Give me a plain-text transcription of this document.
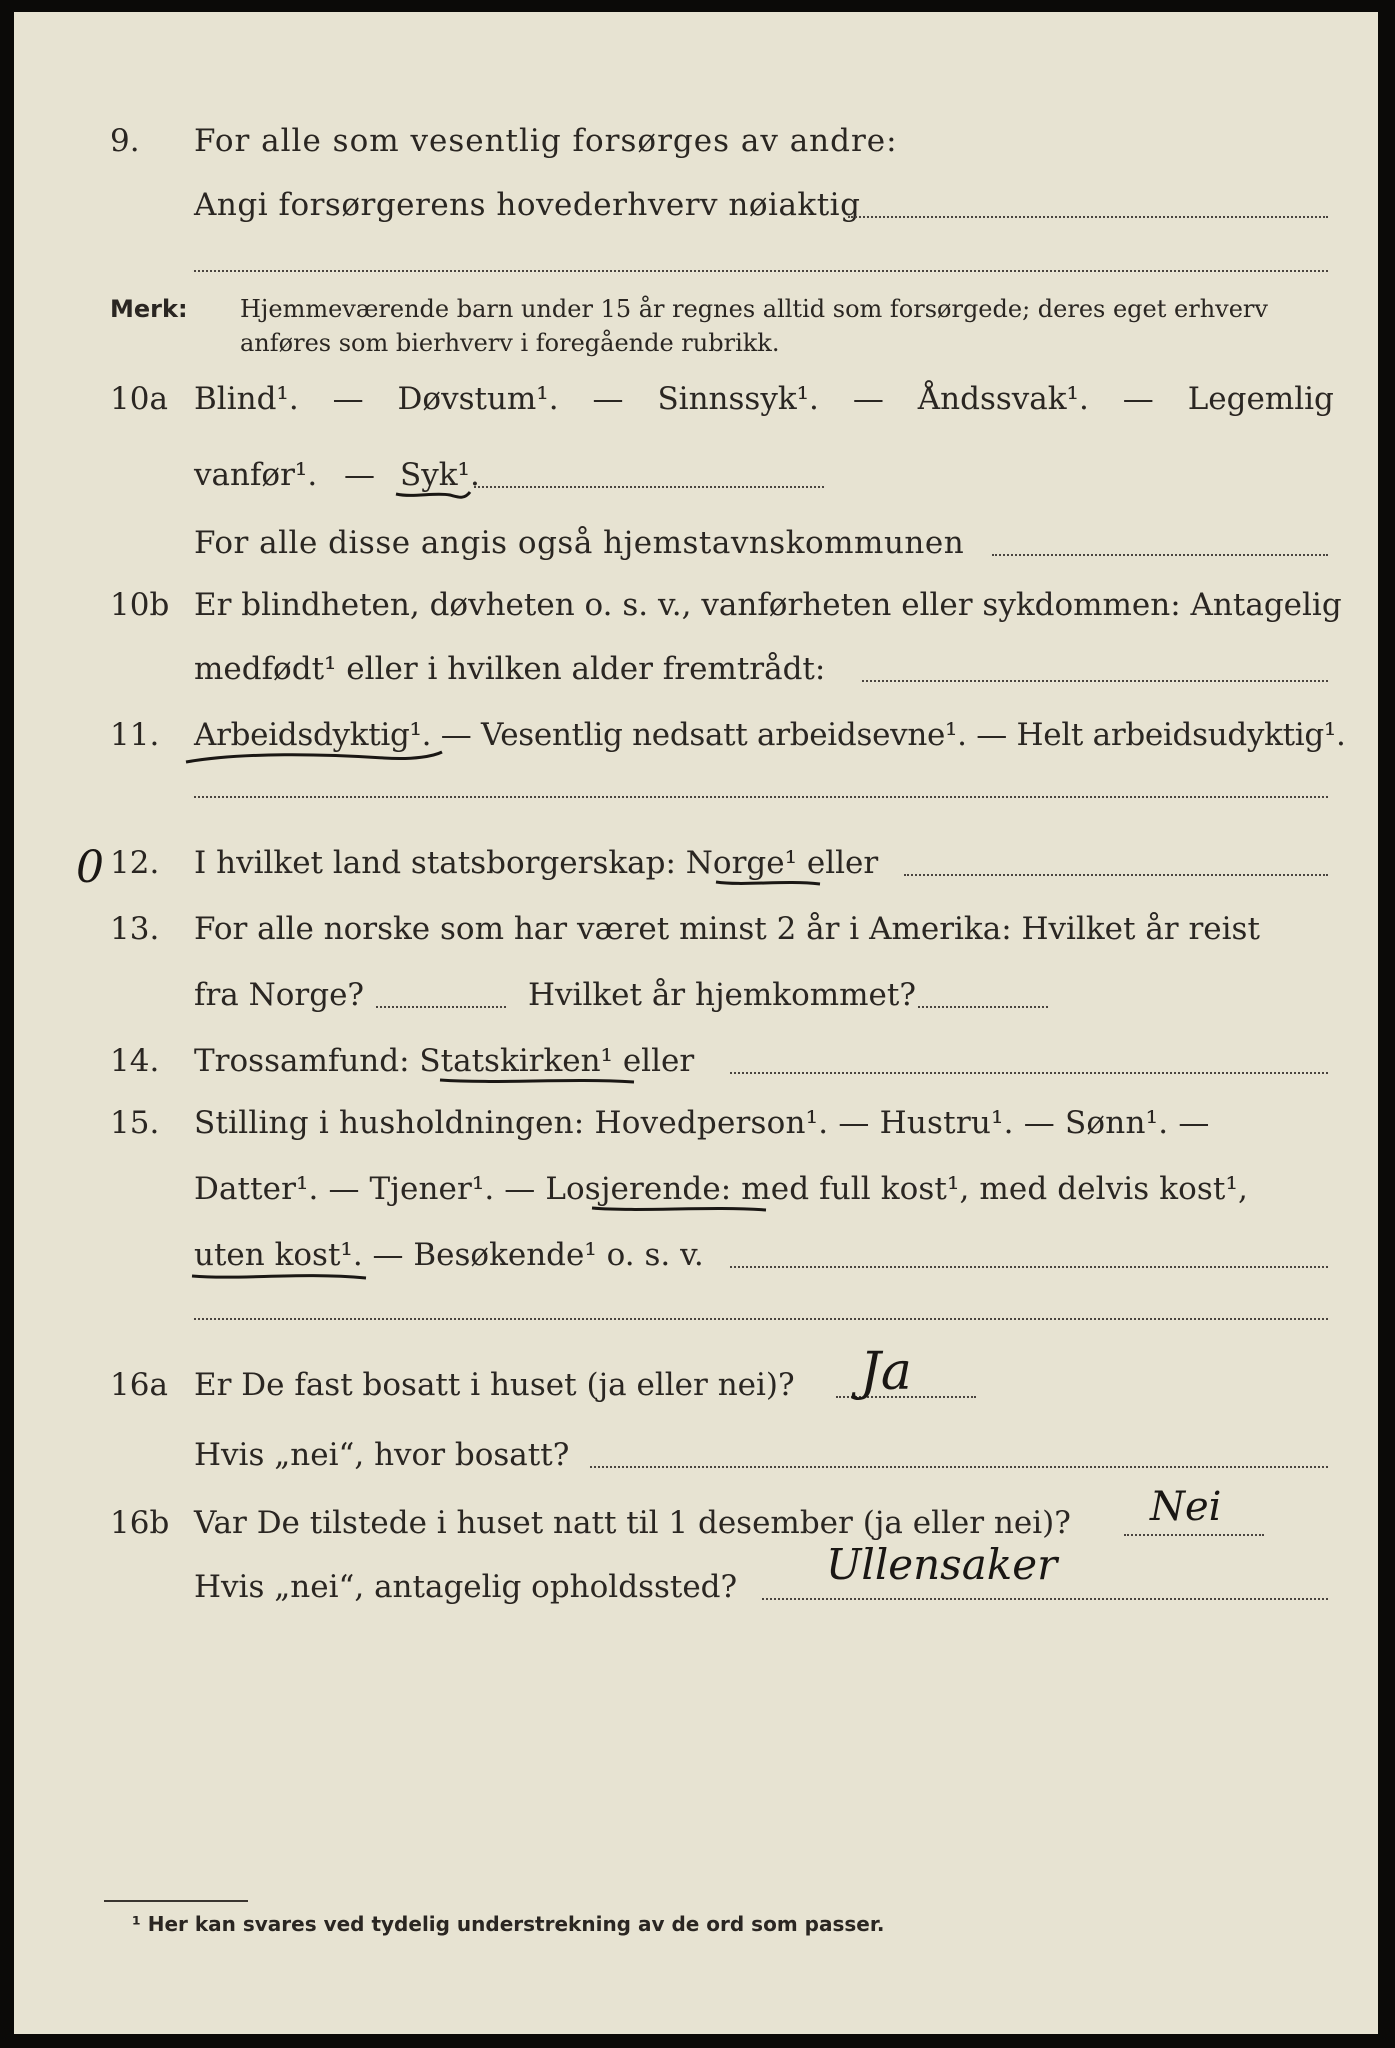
9. For alle som vesentlig forsørges av andre:
Angi forsørgerens hovederhverv nøiaktig
Merk: Hjemmeværende barn under 15 år regnes alltid som forsørgede; deres eget erhverv
anføres som bierhverv i foregående rubrikk.
10a Blind¹. — Døvstum¹. — Sinnssyk¹. — Åndssvak¹. — Legemlig
vanfør¹. — Syk¹.
For alle disse angis også hjemstavnskommunen
10b Er blindheten, døvheten o. s. v., vanførheten eller sykdommen: Antagelig
medfødt¹ eller i hvilken alder fremtrådt:
11. Arbeidsdyktig¹. — Vesentlig nedsatt arbeidsevne¹. — Helt arbeidsudyktig¹.
12. I hvilket land statsborgerskap: Norge¹ eller
0
13. For alle norske som har været minst 2 år i Amerika: Hvilket år reist
fra Norge?	Hvilket år hjemkommet?
14. Trossamfund: Statskirken¹ eller
15. Stilling i husholdningen: Hovedperson¹. — Hustru¹. — Sønn¹. —
Datter¹. — Tjener¹. — Losjerende: med full kost¹, med delvis kost¹,
uten kost¹. — Besøkende¹ o. s. v.
16a Er De fast bosatt i huset (ja eller nei)? Ja
Hvis „nei“, hvor bosatt?
16b Var De tilstede i huset natt til 1 desember (ja eller nei)? Nei
Hvis „nei“, antagelig opholdssted? Ullensaker
¹ Her kan svares ved tydelig understrekning av de ord som passer.
